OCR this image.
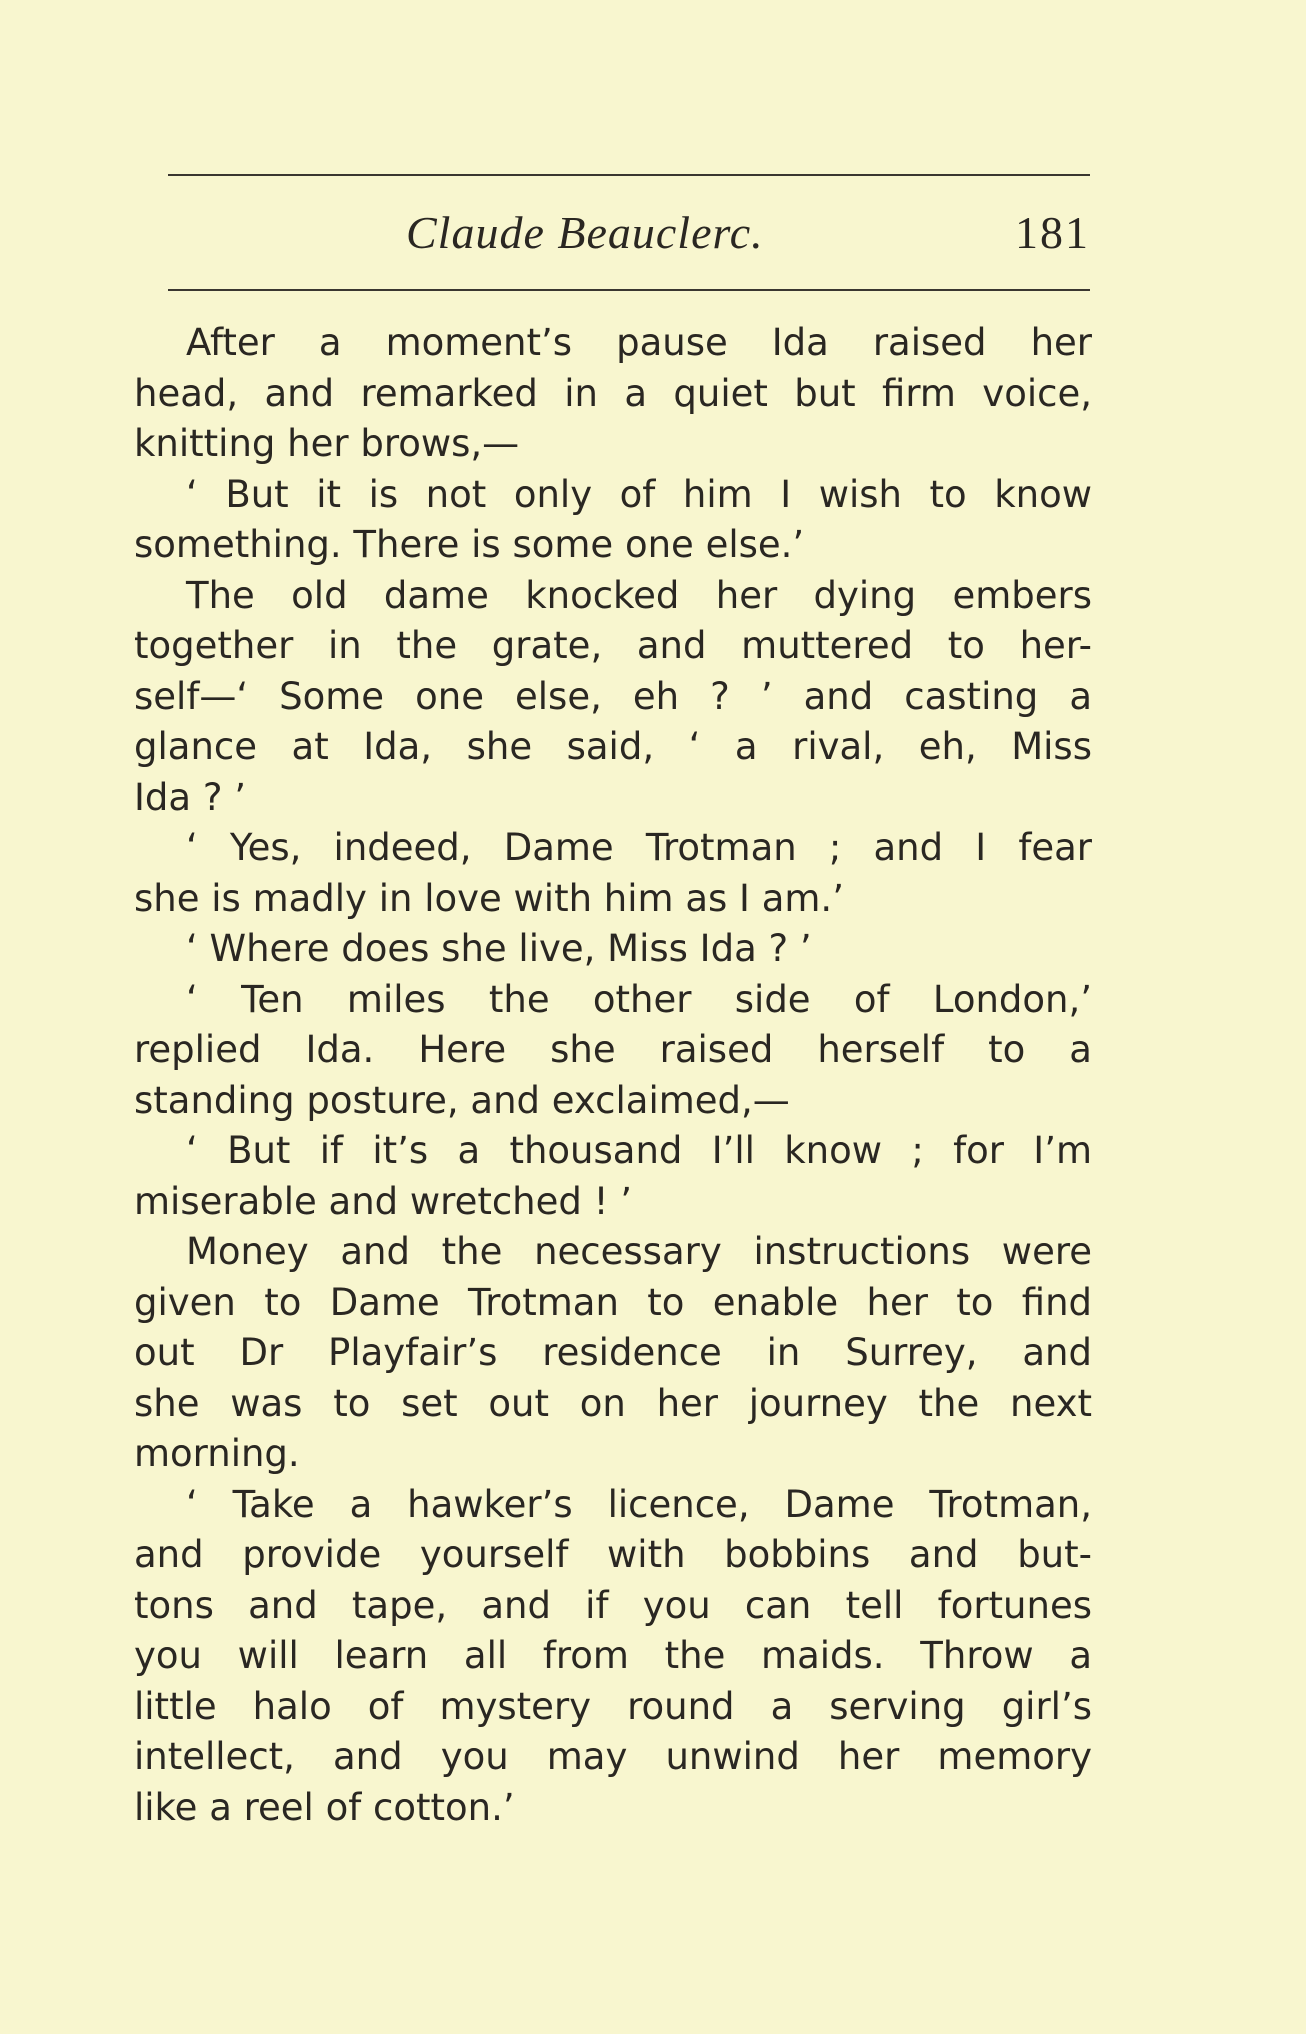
Claude Beauclerc.	181
After a moment’s pause Ida raised her
head, and remarked in a quiet but firm voice,
knitting her brows,—
‘ But it is not only of him I wish to know
something. There is some one else.’
The old dame knocked her dying embers
together in the grate, and muttered to her-
self—‘ Some one else, eh ? ’ and casting a
glance at Ida, she said, ‘ a rival, eh, Miss
Ida ? ’
‘ Yes, indeed, Dame Trotman ; and I fear
she is madly in love with him as I am.’
‘ Where does she live, Miss Ida ? ’
‘ Ten miles the other side of London,’
replied Ida. Here she raised herself to a
standing posture, and exclaimed,—
‘ But if it’s a thousand I’ll know ; for I’m
miserable and wretched ! ’
Money and the necessary instructions were
given to Dame Trotman to enable her to find
out Dr Playfair’s residence in Surrey, and
she was to set out on her journey the next
morning.
‘ Take a hawker’s licence, Dame Trotman,
and provide yourself with bobbins and but-
tons and tape, and if you can tell fortunes
you will learn all from the maids. Throw a
little halo of mystery round a serving girl’s
intellect, and you may unwind her memory
like a reel of cotton.’
